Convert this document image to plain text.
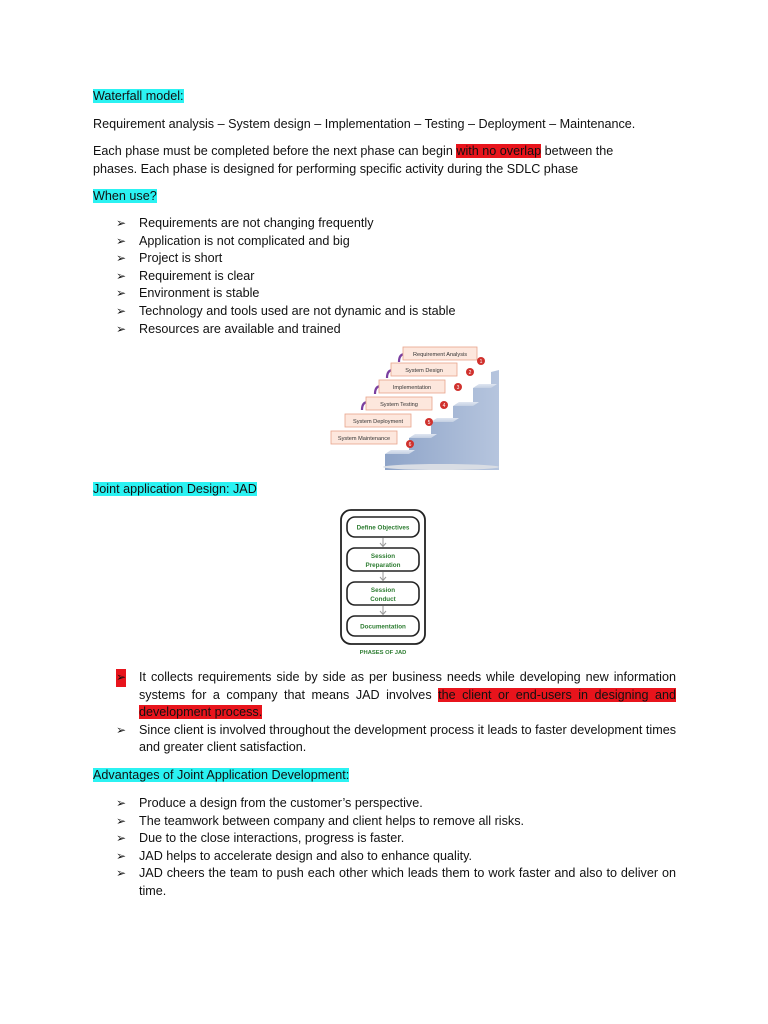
Waterfall model:
Requirement analysis – System design – Implementation – Testing – Deployment – Maintenance.
Each phase must be completed before the next phase can begin with no overlap between the
phases. Each phase is designed for performing specific activity during the SDLC phase
When use?
➢ Requirements are not changing frequently
➢ Application is not complicated and big
➢ Project is short
➢ Requirement is clear
➢ Environment is stable
➢ Technology and tools used are not dynamic and is stable
➢ Resources are available and trained
Requirement Analysis
System Design
Implementation
System Testing
System Deployment
System Maintenance
1
2
3
4
5
6
Joint application Design: JAD
Define Objectives
Session
Preparation
Session
Conduct
Documentation
PHASES OF JAD
➢ It collects requirements side by side as per business needs while developing new information systems for a company that means JAD involves the client or end-users in designing and development process.
➢ Since client is involved throughout the development process it leads to faster development times and greater client satisfaction.
Advantages of Joint Application Development:
➢ Produce a design from the customer’s perspective.
➢ The teamwork between company and client helps to remove all risks.
➢ Due to the close interactions, progress is faster.
➢ JAD helps to accelerate design and also to enhance quality.
➢ JAD cheers the team to push each other which leads them to work faster and also to deliver on time.
